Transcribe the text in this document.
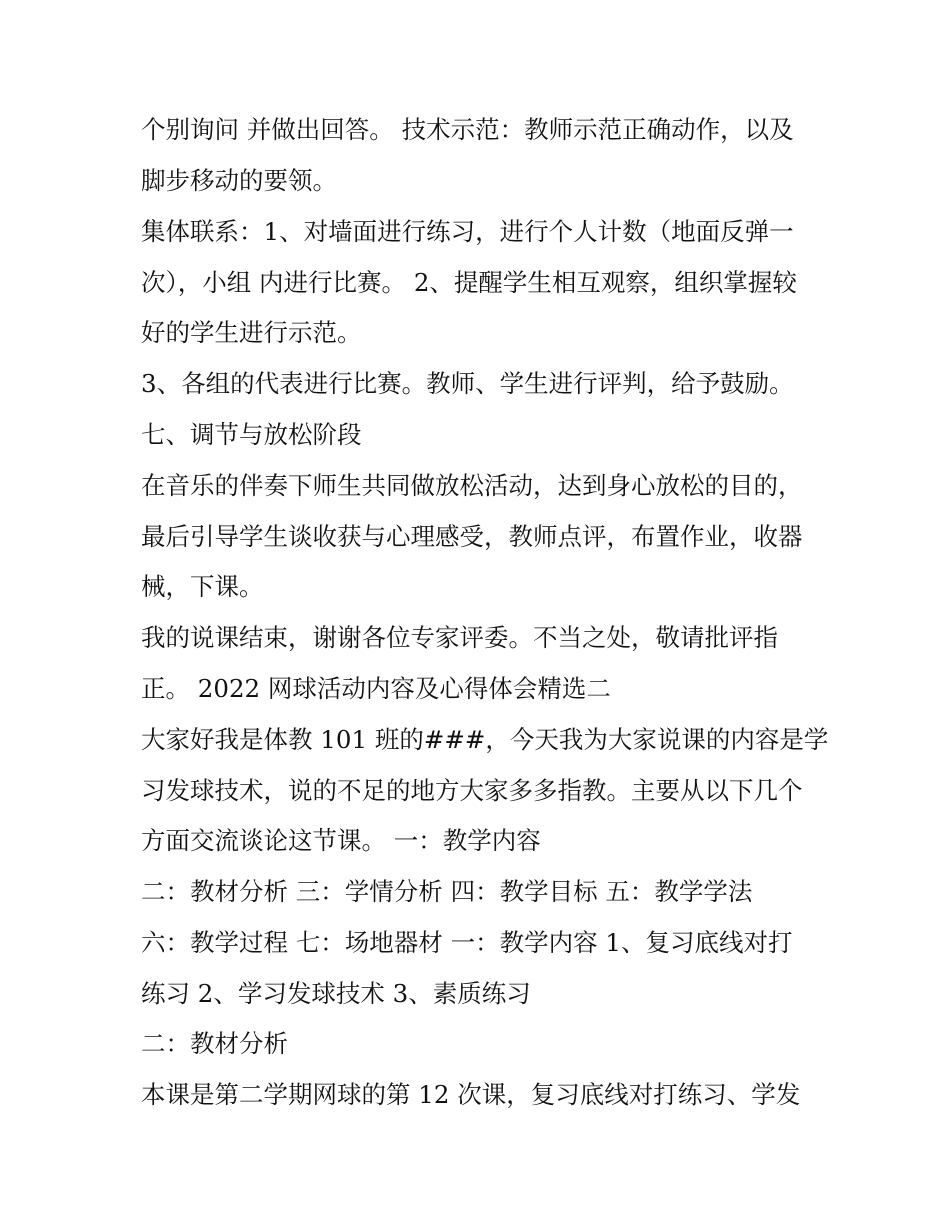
个别询问 并做出回答。 技术示范：教师示范正确动作，以及
脚步移动的要领。
集体联系：1、对墙面进行练习，进行个人计数（地面反弹一
次），小组 内进行比赛。 2、提醒学生相互观察，组织掌握较
好的学生进行示范。
3、各组的代表进行比赛。教师、学生进行评判，给予鼓励。
七、调节与放松阶段
在音乐的伴奏下师生共同做放松活动，达到身心放松的目的，
最后引导学生谈收获与心理感受，教师点评，布置作业，收器
械，下课。
我的说课结束，谢谢各位专家评委。不当之处，敬请批评指
正。 2022 网球活动内容及心得体会精选二
大家好我是体教 101 班的###，今天我为大家说课的内容是学
习发球技术，说的不足的地方大家多多指教。主要从以下几个
方面交流谈论这节课。 一：教学内容
二：教材分析 三：学情分析 四：教学目标 五：教学学法
六：教学过程 七：场地器材 一：教学内容 1、复习底线对打
练习 2、学习发球技术 3、素质练习
二：教材分析
本课是第二学期网球的第 12 次课，复习底线对打练习、学发
